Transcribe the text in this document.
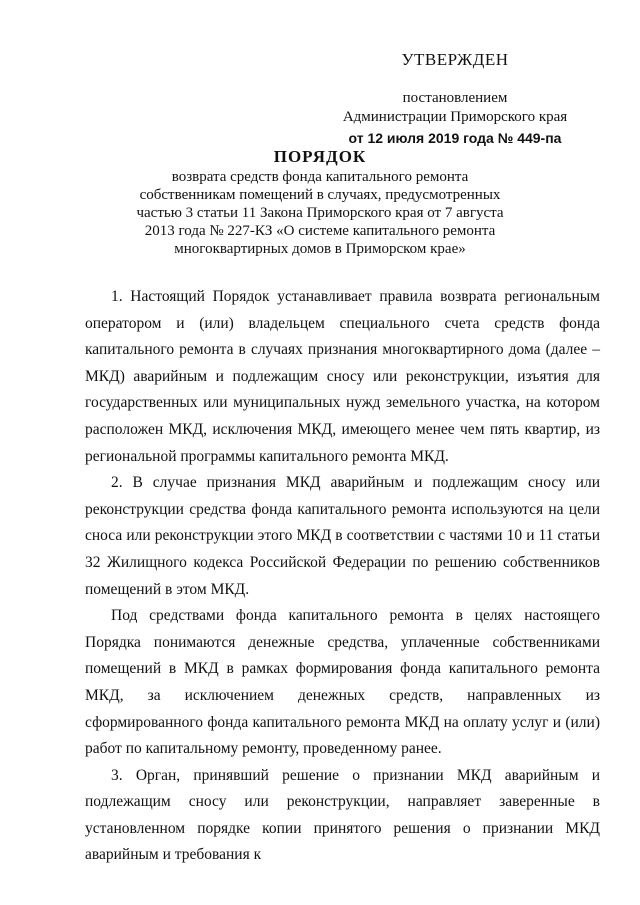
УТВЕРЖДЕН
постановлением
Администрации Приморского края
от 12 июля 2019 года № 449-па
ПОРЯДОК
возврата средств фонда капитального ремонта
собственникам помещений в случаях, предусмотренных
частью 3 статьи 11 Закона Приморского края от 7 августа
2013 года № 227-КЗ «О системе капитального ремонта
многоквартирных домов в Приморском крае»

1. Настоящий Порядок устанавливает правила возврата региональным оператором и (или) владельцем специального счета средств фонда капитального ремонта в случаях признания многоквартирного дома (далее – МКД) аварийным и подлежащим сносу или реконструкции, изъятия для государственных или муниципальных нужд земельного участка, на котором расположен МКД, исключения МКД, имеющего менее чем пять квартир, из региональной программы капитального ремонта МКД.

2. В случае признания МКД аварийным и подлежащим сносу или реконструкции средства фонда капитального ремонта используются на цели сноса или реконструкции этого МКД в соответствии с частями 10 и 11 статьи 32 Жилищного кодекса Российской Федерации по решению собственников помещений в этом МКД.

Под средствами фонда капитального ремонта в целях настоящего Порядка понимаются денежные средства, уплаченные собственниками помещений в МКД в рамках формирования фонда капитального ремонта МКД, за исключением денежных средств, направленных из сформированного фонда капитального ремонта МКД на оплату услуг и (или) работ по капитальному ремонту, проведенному ранее.

3. Орган, принявший решение о признании МКД аварийным и подлежащим сносу или реконструкции, направляет заверенные в установленном порядке копии принятого решения о признании МКД аварийным и требования к
